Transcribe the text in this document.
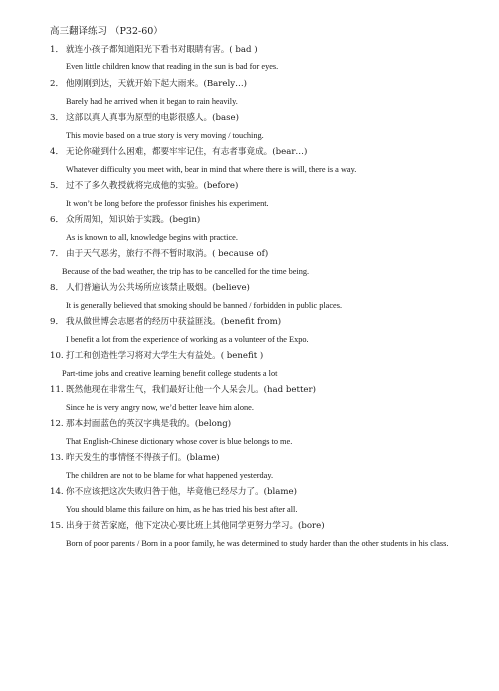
高三翻译练习 （P32-60）
1． 就连小孩子都知道阳光下看书对眼睛有害。( bad )
Even little children know that reading in the sun is bad for eyes.
2． 他刚刚到达，天就开始下起大雨来。(Barely…)
Barely had he arrived when it began to rain heavily.
3． 这部以真人真事为原型的电影很感人。(base)
This movie based on a true story is very moving / touching.
4． 无论你碰到什么困难，都要牢牢记住，有志者事竟成。(bear…)
Whatever difficulty you meet with, bear in mind that where there is will, there is a way.
5． 过不了多久教授就将完成他的实验。(before)
It won’t be long before the professor finishes his experiment.
6． 众所周知，知识始于实践。(begin)
As is known to all, knowledge begins with practice.
7． 由于天气恶劣，旅行不得不暂时取消。( because of)
Because of the bad weather, the trip has to be cancelled for the time being.
8． 人们普遍认为公共场所应该禁止吸烟。(believe)
It is generally believed that smoking should be banned / forbidden in public places.
9． 我从做世博会志愿者的经历中获益匪浅。(benefit from)
I benefit a lot from the experience of working as a volunteer of the Expo.
10. 打工和创造性学习将对大学生大有益处。( benefit )
Part-time jobs and creative learning benefit college students a lot
11. 既然他现在非常生气，我们最好让他一个人呆会儿。(had better)
Since he is very angry now, we’d better leave him alone.
12. 那本封面蓝色的英汉字典是我的。(belong)
That English-Chinese dictionary whose cover is blue belongs to me.
13. 昨天发生的事情怪不得孩子们。(blame)
The children are not to be blame for what happened yesterday.
14. 你不应该把这次失败归咎于他，毕竟他已经尽力了。(blame)
You should blame this failure on him, as he has tried his best after all.
15. 出身于贫苦家庭，他下定决心要比班上其他同学更努力学习。(bore)
Born of poor parents / Born in a poor family, he was determined to study harder than the other students in his class.
